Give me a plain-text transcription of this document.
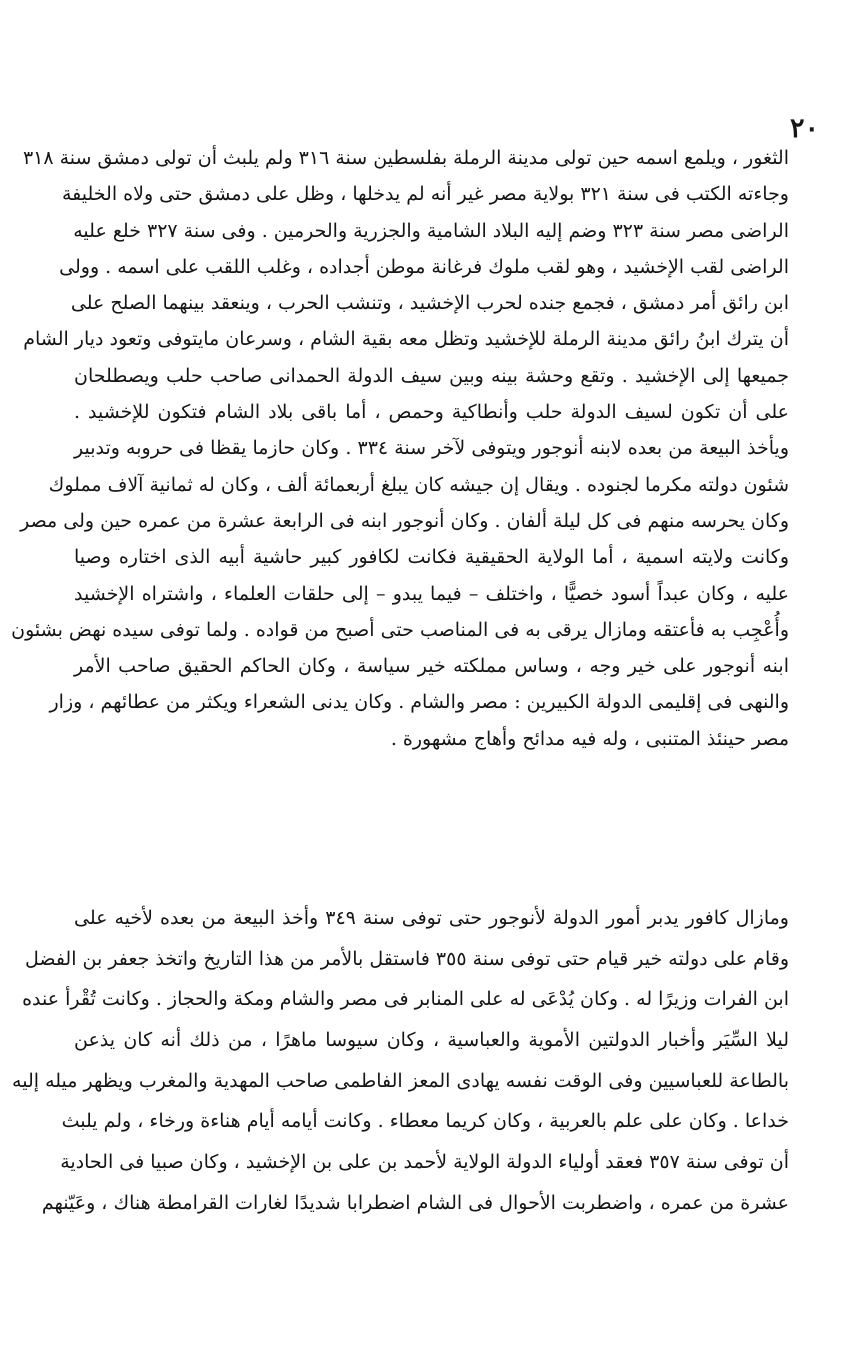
٢٠
الثغور ، ويلمع اسمه حين تولى مدينة الرملة بفلسطين سنة ٣١٦ ولم يلبث أن تولى دمشق سنة ٣١٨
وجاءته الكتب فى سنة ٣٢١ بولاية مصر غير أنه لم يدخلها ، وظل على دمشق حتى ولاه الخليفة
الراضى مصر سنة ٣٢٣ وضم إليه البلاد الشامية والجزرية والحرمين . وفى سنة ٣٢٧ خلع عليه
الراضى لقب الإخشيد ، وهو لقب ملوك فرغانة موطن أجداده ، وغلب اللقب على اسمه . وولى
ابن رائق أمر دمشق ، فجمع جنده لحرب الإخشيد ، وتنشب الحرب ، وينعقد بينهما الصلح على
أن يترك ابنُ رائق مدينة الرملة للإخشيد وتظل معه بقية الشام ، وسرعان مايتوفى وتعود ديار الشام
جميعها إلى الإخشيد . وتقع وحشة بينه وبين سيف الدولة الحمدانى صاحب حلب ويصطلحان
على أن تكون لسيف الدولة حلب وأنطاكية وحمص ، أما باقى بلاد الشام فتكون للإخشيد .
ويأخذ البيعة من بعده لابنه أنوجور ويتوفى لآخر سنة ٣٣٤ . وكان حازما يقظا فى حروبه وتدبير
شئون دولته مكرما لجنوده . ويقال إن جيشه كان يبلغ أربعمائة ألف ، وكان له ثمانية آلاف مملوك
وكان يحرسه منهم فى كل ليلة ألفان . وكان أنوجور ابنه فى الرابعة عشرة من عمره حين ولى مصر
وكانت ولايته اسمية ، أما الولاية الحقيقية فكانت لكافور كبير حاشية أبيه الذى اختاره وصيا
عليه ، وكان عبداً أسود خصيًّا ، واختلف – فيما يبدو – إلى حلقات العلماء ، واشتراه الإخشيد
وأُعْجِب به فأعتقه ومازال يرقى به فى المناصب حتى أصبح من قواده . ولما توفى سيده نهض بشئون
ابنه أنوجور على خير وجه ، وساس مملكته خير سياسة ، وكان الحاكم الحقيق صاحب الأمر
والنهى فى إقليمى الدولة الكبيرين : مصر والشام . وكان يدنى الشعراء ويكثر من عطائهم ، وزار
مصر حينئذ المتنبى ، وله فيه مدائح وأهاج مشهورة .
ومازال كافور يدبر أمور الدولة لأنوجور حتى توفى سنة ٣٤٩ وأخذ البيعة من بعده لأخيه على
وقام على دولته خير قيام حتى توفى سنة ٣٥٥ فاستقل بالأمر من هذا التاريخ واتخذ جعفر بن الفضل
ابن الفرات وزيرًا له . وكان يُدْعَى له على المنابر فى مصر والشام ومكة والحجاز . وكانت تُقْرأ عنده
ليلا السِّيَر وأخبار الدولتين الأموية والعباسية ، وكان سيوسا ماهرًا ، من ذلك أنه كان يذعن
بالطاعة للعباسيين وفى الوقت نفسه يهادى المعز الفاطمى صاحب المهدية والمغرب ويظهر ميله إليه
خداعا . وكان على علم بالعربية ، وكان كريما معطاء . وكانت أيامه أيام هناءة ورخاء ، ولم يلبث
أن توفى سنة ٣٥٧ فعقد أولياء الدولة الولاية لأحمد بن على بن الإخشيد ، وكان صبيا فى الحادية
عشرة من عمره ، واضطربت الأحوال فى الشام اضطرابا شديدًا لغارات القرامطة هناك ، وعَيّنهم
